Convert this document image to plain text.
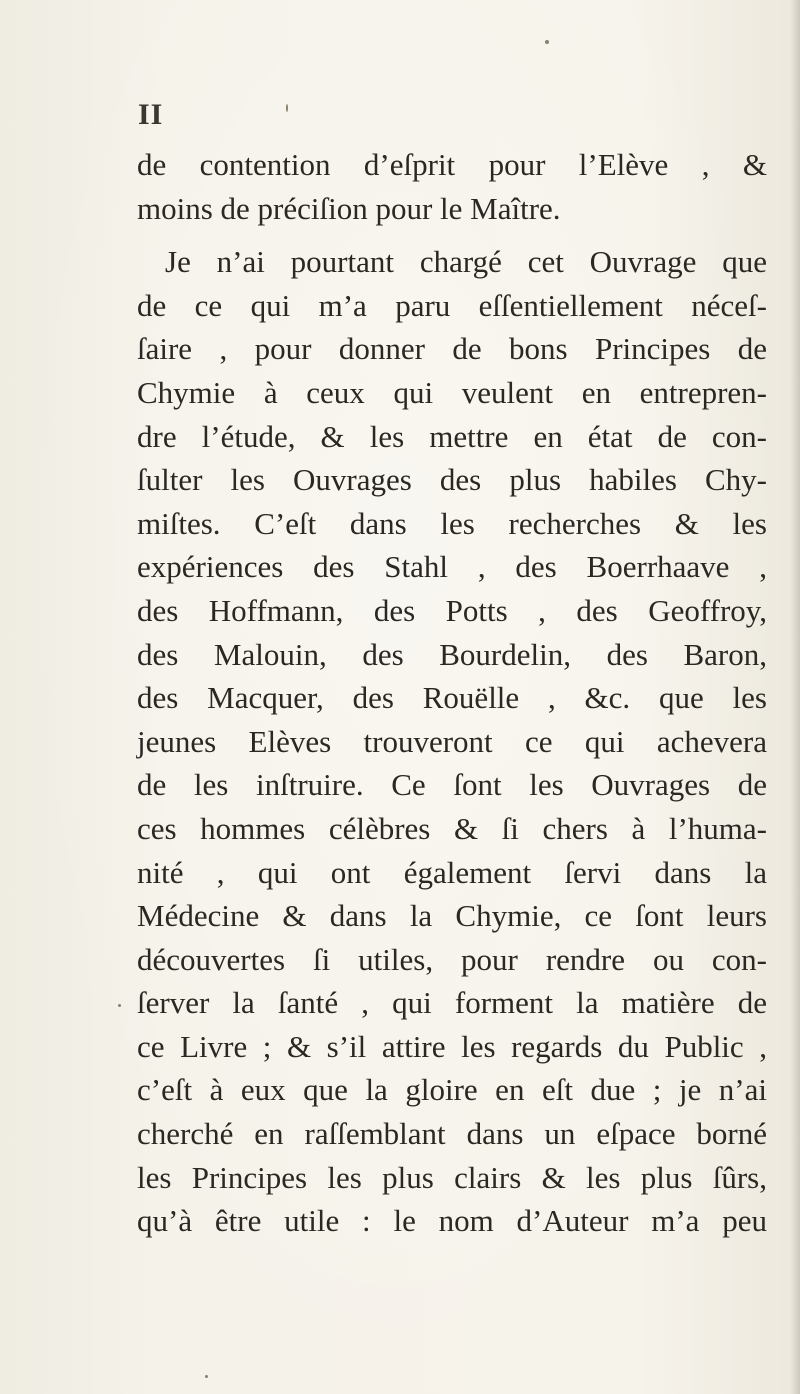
II
de contention d’eſprit pour l’Elève , &
moins de préciſion pour le Maître.
Je n’ai pourtant chargé cet Ouvrage que
de ce qui m’a paru eſſentiellement néceſ-
ſaire , pour donner de bons Principes de
Chymie à ceux qui veulent en entrepren-
dre l’étude, & les mettre en état de con-
ſulter les Ouvrages des plus habiles Chy-
miſtes. C’eſt dans les recherches & les
expériences des Stahl , des Boerrhaave ,
des Hoffmann, des Potts , des Geoffroy,
des Malouin, des Bourdelin, des Baron,
des Macquer, des Rouëlle , &c. que les
jeunes Elèves trouveront ce qui achevera
de les inſtruire. Ce ſont les Ouvrages de
ces hommes célèbres & ſi chers à l’huma-
nité , qui ont également ſervi dans la
Médecine & dans la Chymie, ce ſont leurs
découvertes ſi utiles, pour rendre ou con-
ſerver la ſanté , qui forment la matière de
ce Livre ; & s’il attire les regards du Public ,
c’eſt à eux que la gloire en eſt due ; je n’ai
cherché en raſſemblant dans un eſpace borné
les Principes les plus clairs & les plus ſûrs,
qu’à être utile : le nom d’Auteur m’a peu
